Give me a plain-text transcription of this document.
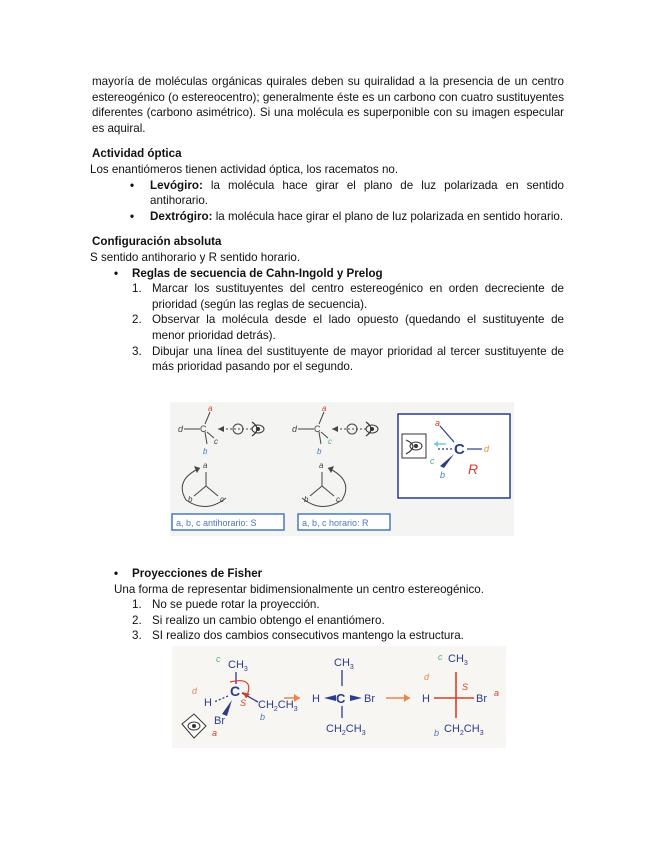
mayoría de moléculas orgánicas quirales deben su quiralidad a la presencia de un centro estereogénico (o estereocentro); generalmente éste es un carbono con cuatro sustituyentes diferentes (carbono asimétrico). Si una molécula es superponible con su imagen especular es aquiral.

Actividad óptica

Los enantiómeros tienen actividad óptica, los racematos no.

• Levógiro: la molécula hace girar el plano de luz polarizada en sentido antihorario.
• Dextrógiro: la molécula hace girar el plano de luz polarizada en sentido horario.

Configuración absoluta

S sentido antihorario y R sentido horario.

• Reglas de secuencia de Cahn-Ingold y Prelog
1. Marcar los sustituyentes del centro estereogénico en orden decreciente de prioridad (según las reglas de secuencia).
2. Observar la molécula desde el lado opuesto (quedando el sustituyente de menor prioridad detrás).
3. Dibujar una línea del sustituyente de mayor prioridad al tercer sustituyente de más prioridad pasando por el segundo.
d C
a
b
c
a
b	c
d C
a
b
c
a
b	c
a, b, c antihorario: S	a, b, c horario: R
C
a
d
b
c R
• Proyecciones de Fisher

Una forma de representar bidimensionalmente un centro estereogénico.

1. No se puede rotar la proyección.
2. Si realizo un cambio obtengo el enantiómero.
3. SI realizo dos cambios consecutivos mantengo la estructura.
$CH_3$
c
C
S $CH_2CH_3$
b
H
d
Br
a
$CH_3$
H C Br
$CH_2CH_3$
$CH_3$
c
d
H
S
Br a
b $CH_2CH_3$
